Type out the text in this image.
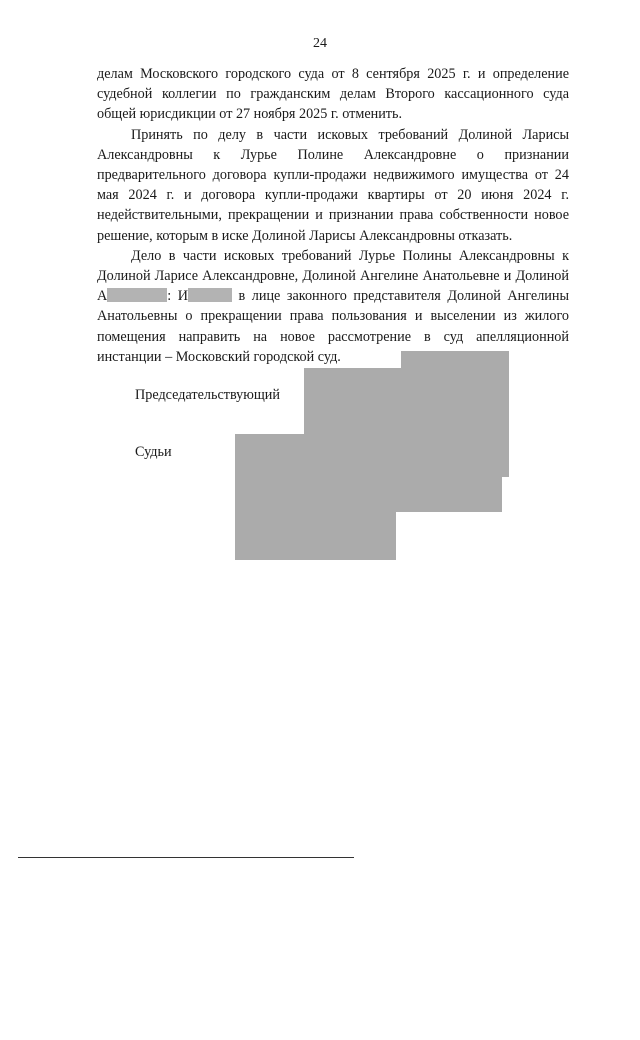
24

делам Московского городского суда от 8 сентября 2025 г. и определение судебной коллегии по гражданским делам Второго кассационного суда общей юрисдикции от 27 ноября 2025 г. отменить.

Принять по делу в части исковых требований Долиной Ларисы Александровны к Лурье Полине Александровне о признании предварительного договора купли-продажи недвижимого имущества от 24 мая 2024 г. и договора купли-продажи квартиры от 20 июня 2024 г. недействительными, прекращении и признании права собственности новое решение, которым в иске Долиной Ларисы Александровны отказать.

Дело в части исковых требований Лурье Полины Александровны к Долиной Ларисе Александровне, Долиной Ангелине Анатольевне и Долиной А	: И	в лице законного представителя Долиной Ангелины Анатольевны о прекращении права пользования и выселении из жилого помещения направить на новое рассмотрение в суд апелляционной инстанции – Московский городской суд.

Председательствующий
Судьи
